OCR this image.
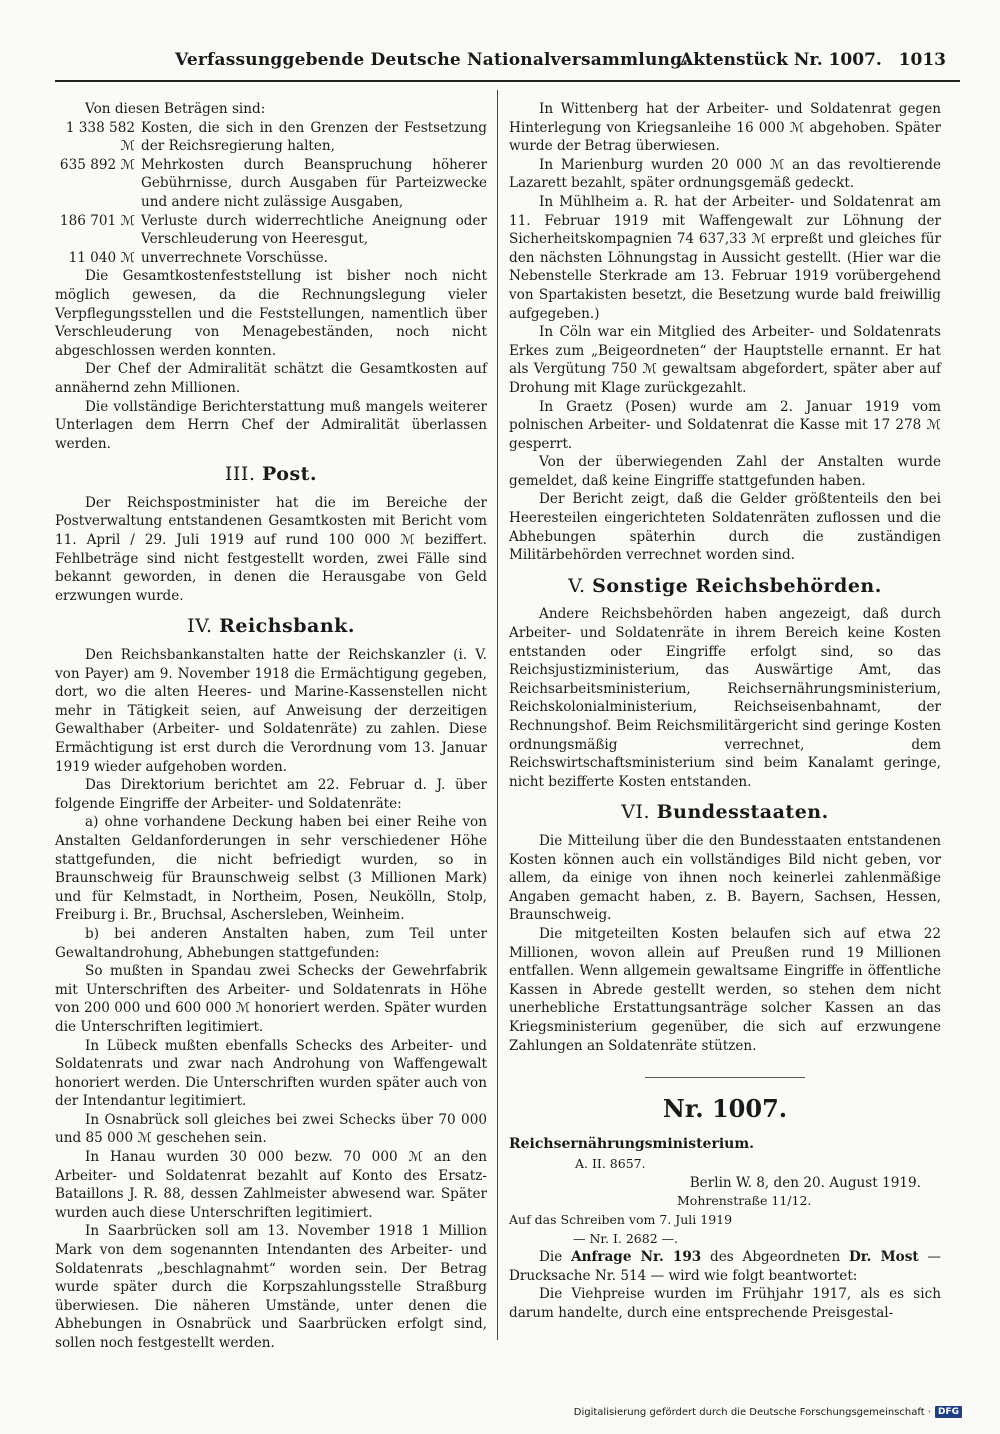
Verfassunggebende Deutsche Nationalversammlung.
Aktenstück Nr. 1007. 1013

Von diesen Beträgen sind:

1 338 582 ℳ
Kosten, die sich in den Grenzen der Festsetzung der Reichsregierung halten,
635 892 ℳ Mehrkosten durch Beanspruchung höherer Gebührnisse, durch Ausgaben für Parteizwecke und andere nicht zulässige Ausgaben,
186 701 ℳ Verluste durch widerrechtliche Aneignung oder Verschleuderung von Heeresgut,
11 040 ℳ unverrechnete Vorschüsse.

Die Gesamtkostenfeststellung ist bisher noch nicht möglich gewesen, da die Rechnungslegung vieler Verpflegungsstellen und die Feststellungen, namentlich über Verschleuderung von Menagebeständen, noch nicht abgeschlossen werden konnten.

Der Chef der Admiralität schätzt die Gesamtkosten auf annähernd zehn Millionen.

Die vollständige Berichterstattung muß mangels weiterer Unterlagen dem Herrn Chef der Admiralität überlassen werden.

III. Post.

Der Reichspostminister hat die im Bereiche der Postverwaltung entstandenen Gesamtkosten mit Bericht vom 11. April / 29. Juli 1919 auf rund 100 000 ℳ beziffert. Fehlbeträge sind nicht festgestellt worden, zwei Fälle sind bekannt geworden, in denen die Herausgabe von Geld erzwungen wurde.

IV. Reichsbank.

Den Reichsbankanstalten hatte der Reichskanzler (i. V. von Payer) am 9. November 1918 die Ermächtigung gegeben, dort, wo die alten Heeres- und Marine-Kassenstellen nicht mehr in Tätigkeit seien, auf Anweisung der derzeitigen Gewalthaber (Arbeiter- und Soldatenräte) zu zahlen. Diese Ermächtigung ist erst durch die Verordnung vom 13. Januar 1919 wieder aufgehoben worden.

Das Direktorium berichtet am 22. Februar d. J. über folgende Eingriffe der Arbeiter- und Soldatenräte:

a) ohne vorhandene Deckung haben bei einer Reihe von Anstalten Geldanforderungen in sehr verschiedener Höhe stattgefunden, die nicht befriedigt wurden, so in Braunschweig für Braunschweig selbst (3 Millionen Mark) und für Kelmstadt, in Northeim, Posen, Neukölln, Stolp, Freiburg i. Br., Bruchsal, Aschersleben, Weinheim.

b) bei anderen Anstalten haben, zum Teil unter Gewaltandrohung, Abhebungen stattgefunden:

So mußten in Spandau zwei Schecks der Gewehrfabrik mit Unterschriften des Arbeiter- und Soldatenrats in Höhe von 200 000 und 600 000 ℳ honoriert werden. Später wurden die Unterschriften legitimiert.

In Lübeck mußten ebenfalls Schecks des Arbeiter- und Soldatenrats und zwar nach Androhung von Waffengewalt honoriert werden. Die Unterschriften wurden später auch von der Intendantur legitimiert.

In Osnabrück soll gleiches bei zwei Schecks über 70 000 und 85 000 ℳ geschehen sein.

In Hanau wurden 30 000 bezw. 70 000 ℳ an den Arbeiter- und Soldatenrat bezahlt auf Konto des Ersatz-Bataillons J. R. 88, dessen Zahlmeister abwesend war. Später wurden auch diese Unterschriften legitimiert.

In Saarbrücken soll am 13. November 1918 1 Million Mark von dem sogenannten Intendanten des Arbeiter- und Soldatenrats „beschlagnahmt“ worden sein. Der Betrag wurde später durch die Korpszahlungsstelle Straßburg überwiesen. Die näheren Umstände, unter denen die Abhebungen in Osnabrück und Saarbrücken erfolgt sind, sollen noch festgestellt werden.

In Wittenberg hat der Arbeiter- und Soldatenrat gegen Hinterlegung von Kriegsanleihe 16 000 ℳ abgehoben. Später wurde der Betrag überwiesen.

In Marienburg wurden 20 000 ℳ an das revoltierende Lazarett bezahlt, später ordnungsgemäß gedeckt.

In Mühlheim a. R. hat der Arbeiter- und Soldatenrat am 11. Februar 1919 mit Waffengewalt zur Löhnung der Sicherheitskompagnien 74 637,33 ℳ erpreßt und gleiches für den nächsten Löhnungstag in Aussicht gestellt. (Hier war die Nebenstelle Sterkrade am 13. Februar 1919 vorübergehend von Spartakisten besetzt, die Besetzung wurde bald freiwillig aufgegeben.)

In Cöln war ein Mitglied des Arbeiter- und Soldatenrats Erkes zum „Beigeordneten“ der Hauptstelle ernannt. Er hat als Vergütung 750 ℳ gewaltsam abgefordert, später aber auf Drohung mit Klage zurückgezahlt.

In Graetz (Posen) wurde am 2. Januar 1919 vom polnischen Arbeiter- und Soldatenrat die Kasse mit 17 278 ℳ gesperrt.

Von der überwiegenden Zahl der Anstalten wurde gemeldet, daß keine Eingriffe stattgefunden haben.

Der Bericht zeigt, daß die Gelder größtenteils den bei Heeresteilen eingerichteten Soldatenräten zuflossen und die Abhebungen späterhin durch die zuständigen Militärbehörden verrechnet worden sind.

V. Sonstige Reichsbehörden.

Andere Reichsbehörden haben angezeigt, daß durch Arbeiter- und Soldatenräte in ihrem Bereich keine Kosten entstanden oder Eingriffe erfolgt sind, so das Reichsjustizministerium, das Auswärtige Amt, das Reichsarbeitsministerium, Reichsernährungsministerium, Reichskolonialministerium, Reichseisenbahnamt, der Rechnungshof. Beim Reichsmilitärgericht sind geringe Kosten ordnungsmäßig verrechnet, dem Reichswirtschaftsministerium sind beim Kanalamt geringe, nicht bezifferte Kosten entstanden.

VI. Bundesstaaten.

Die Mitteilung über die den Bundesstaaten entstandenen Kosten können auch ein vollständiges Bild nicht geben, vor allem, da einige von ihnen noch keinerlei zahlenmäßige Angaben gemacht haben, z. B. Bayern, Sachsen, Hessen, Braunschweig.

Die mitgeteilten Kosten belaufen sich auf etwa 22 Millionen, wovon allein auf Preußen rund 19 Millionen entfallen. Wenn allgemein gewaltsame Eingriffe in öffentliche Kassen in Abrede gestellt werden, so stehen dem nicht unerhebliche Erstattungsanträge solcher Kassen an das Kriegsministerium gegenüber, die sich auf erzwungene Zahlungen an Soldatenräte stützen.

Nr. 1007.
Reichsernährungsministerium.
A. II. 8657.
Berlin W. 8, den 20. August 1919.
Mohrenstraße 11/12.
Auf das Schreiben vom 7. Juli 1919
— Nr. I. 2682 —.

Die Anfrage Nr. 193 des Abgeordneten Dr. Most — Drucksache Nr. 514 — wird wie folgt beantwortet:

Die Viehpreise wurden im Frühjahr 1917, als es sich darum handelte, durch eine entsprechende Preisgestal-

Digitalisierung gefördert durch die Deutsche Forschungsgemeinschaft · DFG
